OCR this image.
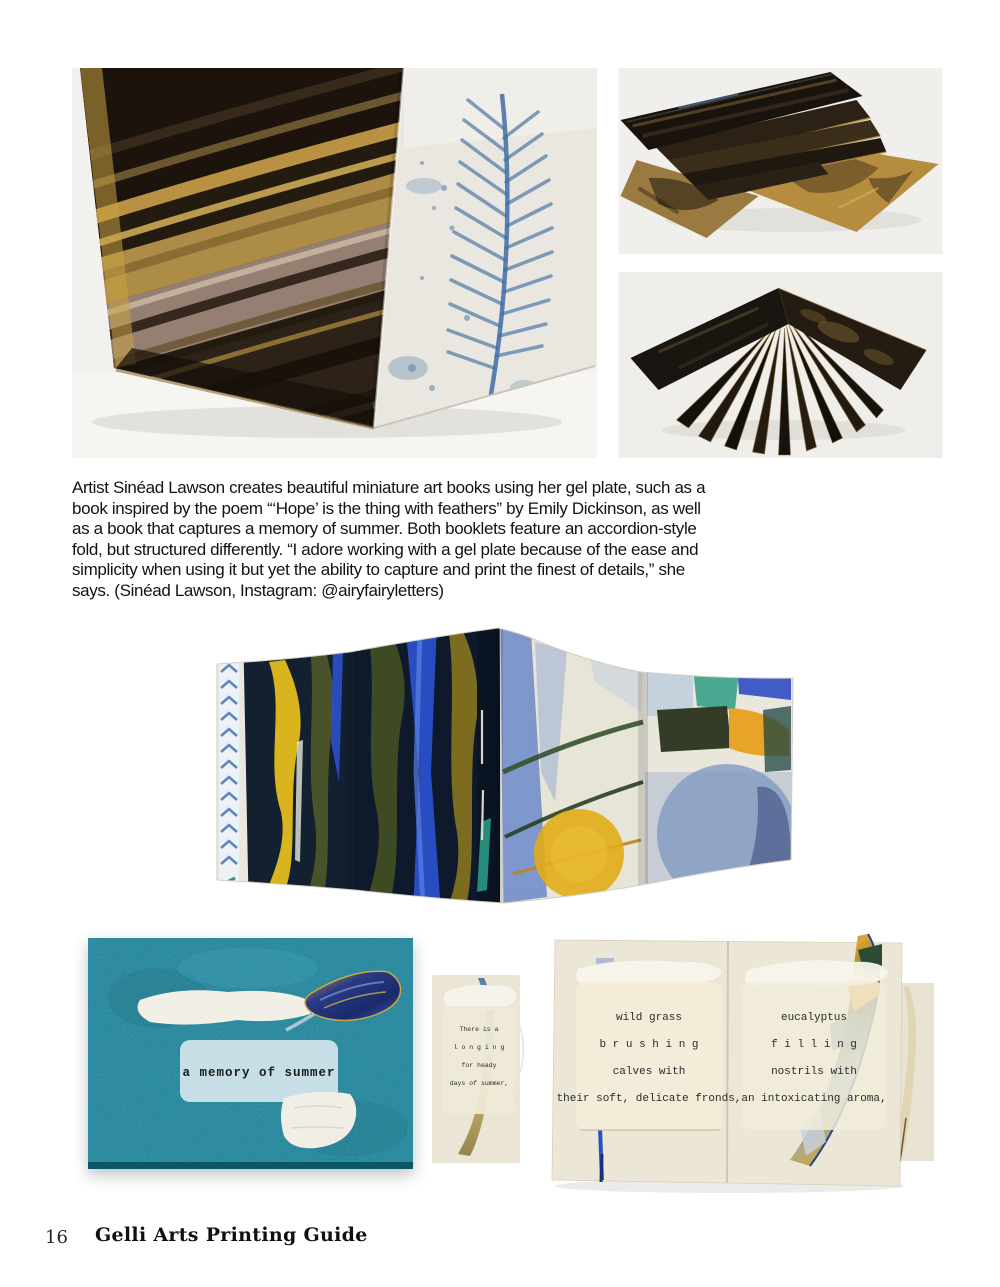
Artist Sinéad Lawson creates beautiful miniature art books using her gel plate, such as a
book inspired by the poem “‘Hope’ is the thing with feathers” by Emily Dickinson, as well
as a book that captures a memory of summer. Both booklets feature an accordion-style
fold, but structured differently. “I adore working with a gel plate because of the ease and
simplicity when using it but yet the ability to capture and print the finest of details,” she
says. (Sinéad Lawson, Instagram: @airyfairyletters)
a memory of summer
There is a
l o n g i n g
for heady
days of summer,
wild grass
b r u s h i n g
calves with
their soft, delicate fronds,
eucalyptus
f i l l i n g
nostrils with
an intoxicating aroma,
16 Gelli Arts Printing Guide
